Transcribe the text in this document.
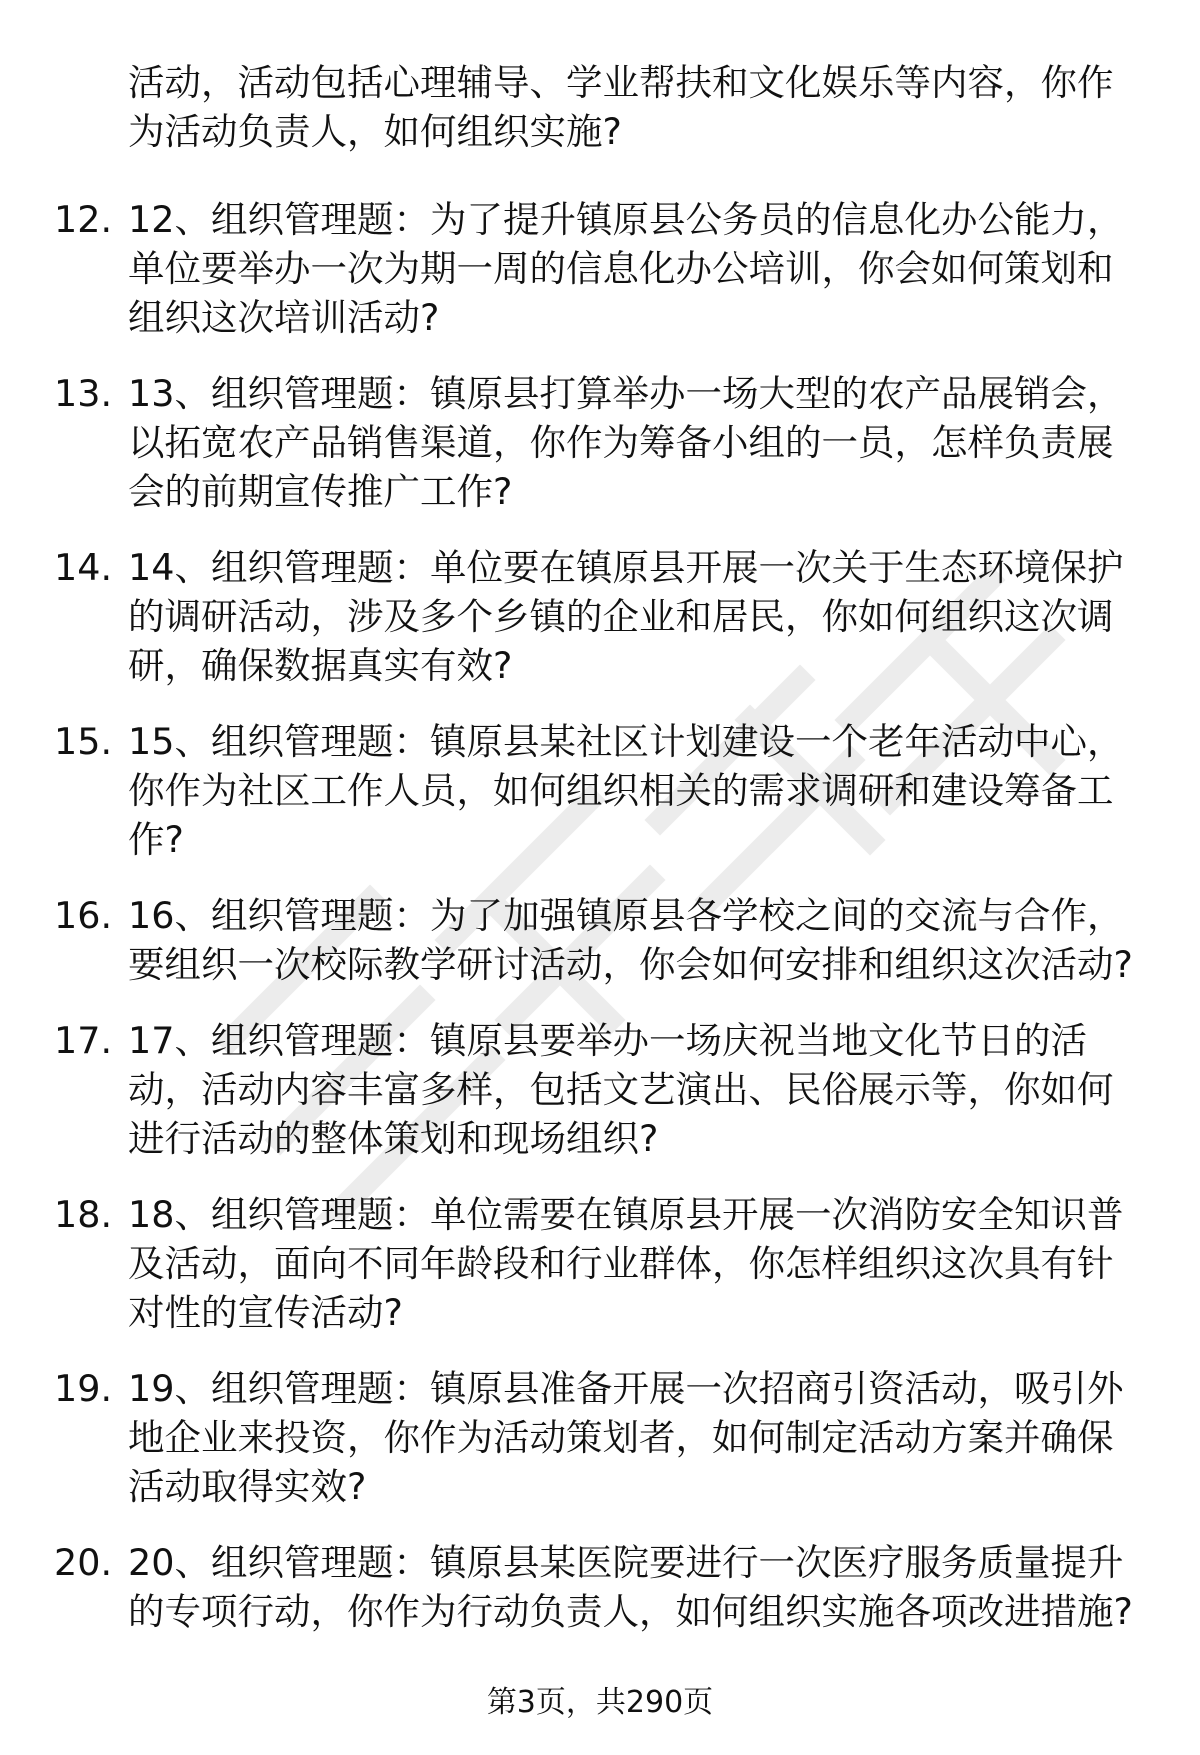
活动，活动包括心理辅导、学业帮扶和文化娱乐等内容，你作为活动负责人，如何组织实施?
12. 12、组织管理题：为了提升镇原县公务员的信息化办公能力，单位要举办一次为期一周的信息化办公培训，你会如何策划和组织这次培训活动?
13. 13、组织管理题：镇原县打算举办一场大型的农产品展销会，以拓宽农产品销售渠道，你作为筹备小组的一员，怎样负责展会的前期宣传推广工作?
14. 14、组织管理题：单位要在镇原县开展一次关于生态环境保护的调研活动，涉及多个乡镇的企业和居民，你如何组织这次调研，确保数据真实有效?
15. 15、组织管理题：镇原县某社区计划建设一个老年活动中心，你作为社区工作人员，如何组织相关的需求调研和建设筹备工作?
16. 16、组织管理题：为了加强镇原县各学校之间的交流与合作，要组织一次校际教学研讨活动，你会如何安排和组织这次活动?
17. 17、组织管理题：镇原县要举办一场庆祝当地文化节日的活动，活动内容丰富多样，包括文艺演出、民俗展示等，你如何进行活动的整体策划和现场组织?
18. 18、组织管理题：单位需要在镇原县开展一次消防安全知识普及活动，面向不同年龄段和行业群体，你怎样组织这次具有针对性的宣传活动?
19. 19、组织管理题：镇原县准备开展一次招商引资活动，吸引外地企业来投资，你作为活动策划者，如何制定活动方案并确保活动取得实效?
20. 20、组织管理题：镇原县某医院要进行一次医疗服务质量提升的专项行动，你作为行动负责人，如何组织实施各项改进措施?
第3页，共290页
